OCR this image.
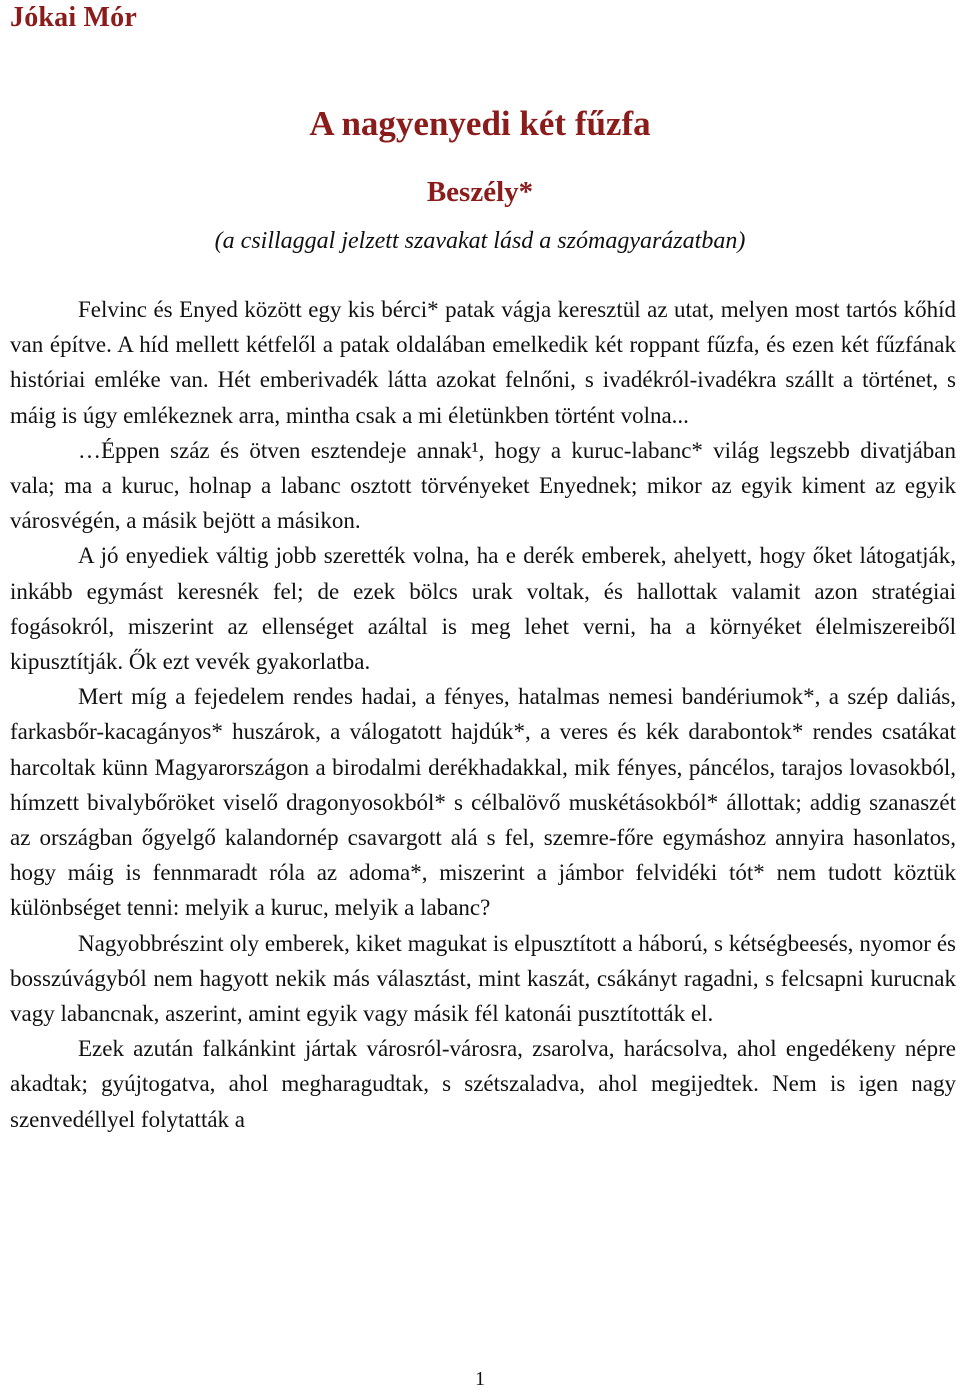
Jókai Mór
A nagyenyedi két fűzfa
Beszély*
(a csillaggal jelzett szavakat lásd a szómagyarázatban)

Felvinc és Enyed között egy kis bérci* patak vágja keresztül az utat, melyen most tartós kőhíd van építve. A híd mellett kétfelől a patak oldalában emelkedik két roppant fűzfa, és ezen két fűzfának históriai emléke van. Hét emberivadék látta azokat felnőni, s ivadékról-ivadékra szállt a történet, s máig is úgy emlékeznek arra, mintha csak a mi életünkben történt volna...

…Éppen száz és ötven esztendeje annak¹, hogy a kuruc-labanc* világ legszebb divatjában vala; ma a kuruc, holnap a labanc osztott törvényeket Enyednek; mikor az egyik kiment az egyik városvégén, a másik bejött a másikon.

A jó enyediek váltig jobb szerették volna, ha e derék emberek, ahelyett, hogy őket látogatják, inkább egymást keresnék fel; de ezek bölcs urak voltak, és hallottak valamit azon stratégiai fogásokról, miszerint az ellenséget azáltal is meg lehet verni, ha a környéket élelmiszereiből kipusztítják. Ők ezt vevék gyakorlatba.

Mert míg a fejedelem rendes hadai, a fényes, hatalmas nemesi bandériumok*, a szép daliás, farkasbőr-kacagányos* huszárok, a válogatott hajdúk*, a veres és kék darabontok* rendes csatákat harcoltak künn Magyarországon a birodalmi derékhadakkal, mik fényes, páncélos, tarajos lovasokból, hímzett bivalybőröket viselő dragonyosokból* s célbalövő muskétásokból* állottak; addig szanaszét az országban őgyelgő kalandornép csavargott alá s fel, szemre-főre egymáshoz annyira hasonlatos, hogy máig is fennmaradt róla az adoma*, miszerint a jámbor felvidéki tót* nem tudott köztük különbséget tenni: melyik a kuruc, melyik a labanc?

Nagyobbrészint oly emberek, kiket magukat is elpusztított a háború, s kétségbeesés, nyomor és bosszúvágyból nem hagyott nekik más választást, mint kaszát, csákányt ragadni, s felcsapni kurucnak vagy labancnak, aszerint, amint egyik vagy másik fél katonái pusztították el.

Ezek azután falkánkint jártak városról-városra, zsarolva, harácsolva, ahol engedékeny népre akadtak; gyújtogatva, ahol megharagudtak, s szétszaladva, ahol megijedtek. Nem is igen nagy szenvedéllyel folytatták a

1
